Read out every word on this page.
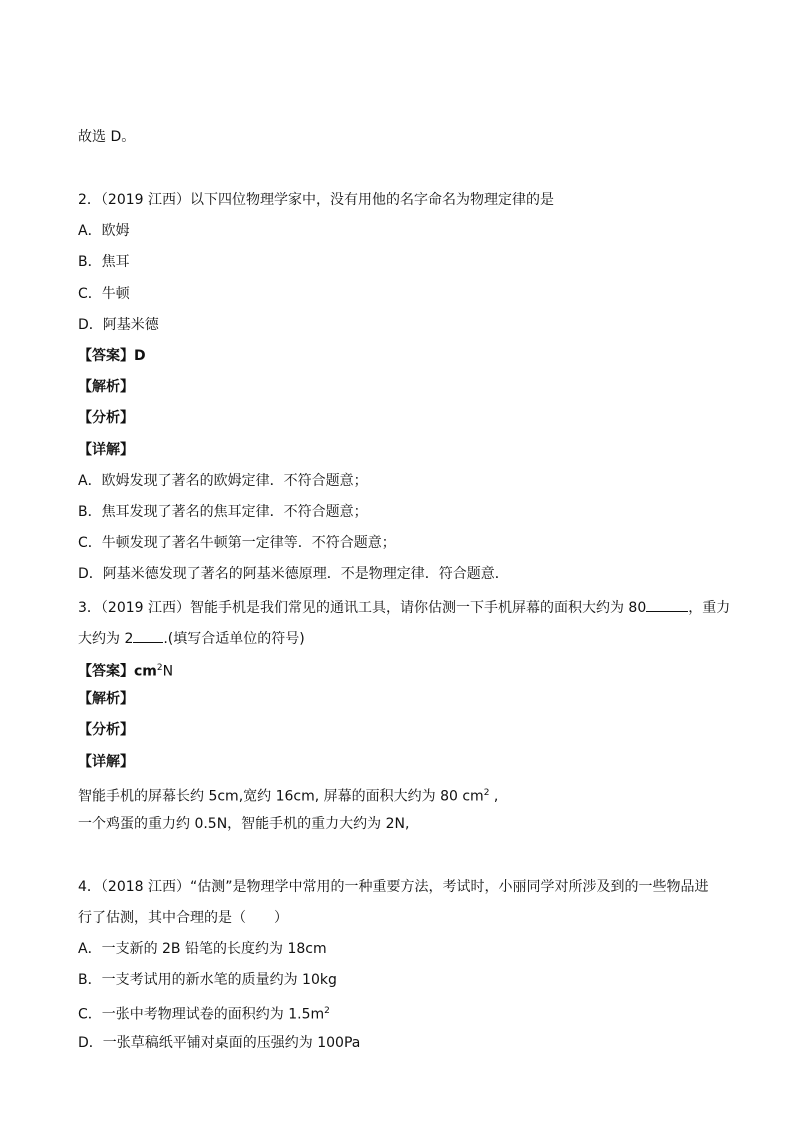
故选 D。
2．（2019 江西）以下四位物理学家中，没有用他的名字命名为物理定律的是
A．欧姆
B．焦耳
C．牛顿
D．阿基米德
【答案】D
【解析】
【分析】
【详解】
A．欧姆发现了著名的欧姆定律．不符合题意；
B．焦耳发现了著名的焦耳定律．不符合题意；
C．牛顿发现了著名牛顿第一定律等．不符合题意；
D．阿基米德发现了著名的阿基米德原理．不是物理定律．符合题意．
3．（2019 江西）智能手机是我们常见的通讯工具，请你估测一下手机屏幕的面积大约为 80	，重力
大约为 2 .(填写合适单位的符号)
【答案】$cm^2N$
【解析】
【分析】
【详解】
智能手机的屏幕长约 5cm,宽约 16cm, 屏幕的面积大约为 80 $cm^2$ ,
一个鸡蛋的重力约 0.5N，智能手机的重力大约为 2N,
4．（2018 江西）“估测”是物理学中常用的一种重要方法，考试时，小丽同学对所涉及到的一些物品进
行了估测，其中合理的是（　　）
A．一支新的 2B 铅笔的长度约为 18cm
B．一支考试用的新水笔的质量约为 10kg
C．一张中考物理试卷的面积约为 $1.5m^2$
D．一张草稿纸平铺对桌面的压强约为 100Pa
